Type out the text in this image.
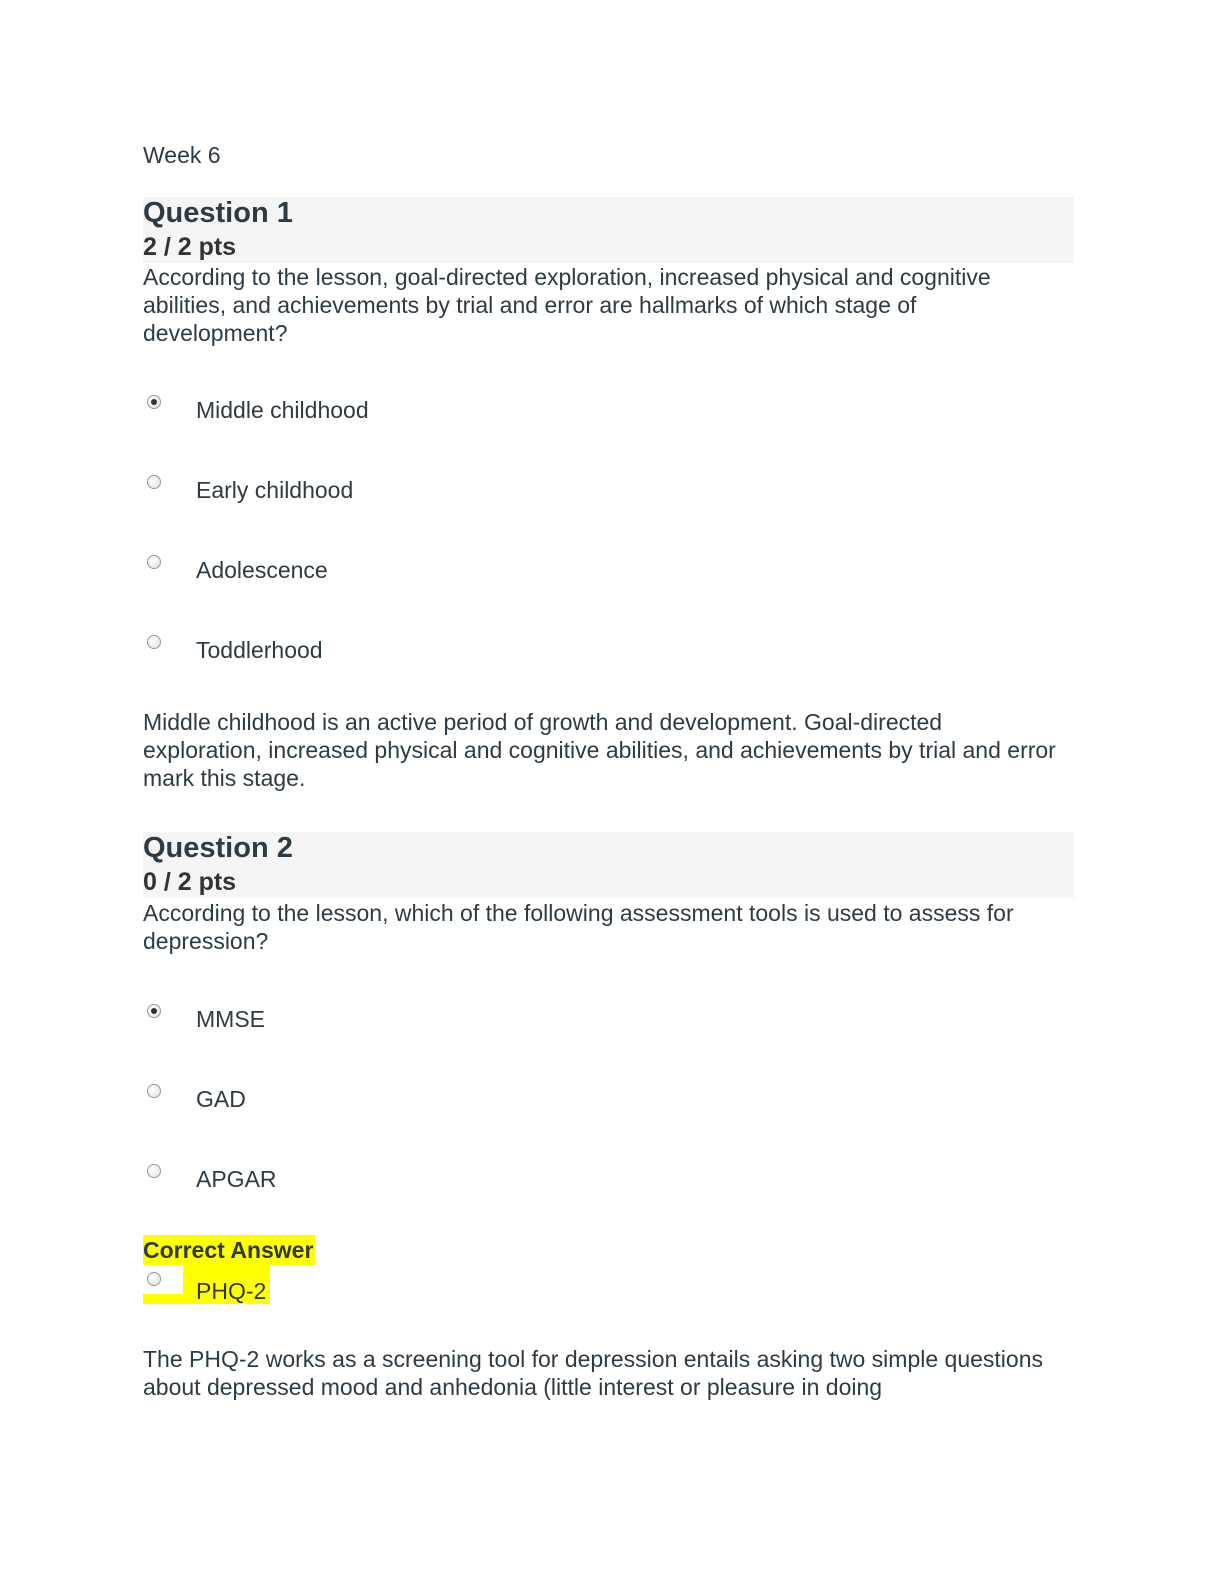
Week 6
Question 1
2 / 2 pts
According to the lesson, goal-directed exploration, increased physical and cognitive abilities, and achievements by trial and error are hallmarks of which stage of development?
Middle childhood
Early childhood
Adolescence
Toddlerhood
Middle childhood is an active period of growth and development. Goal-directed exploration, increased physical and cognitive abilities, and achievements by trial and error mark this stage.
Question 2
0 / 2 pts
According to the lesson, which of the following assessment tools is used to assess for depression?
MMSE
GAD
APGAR
Correct Answer
PHQ-2
The PHQ-2 works as a screening tool for depression entails asking two simple questions about depressed mood and anhedonia (little interest or pleasure in doing
